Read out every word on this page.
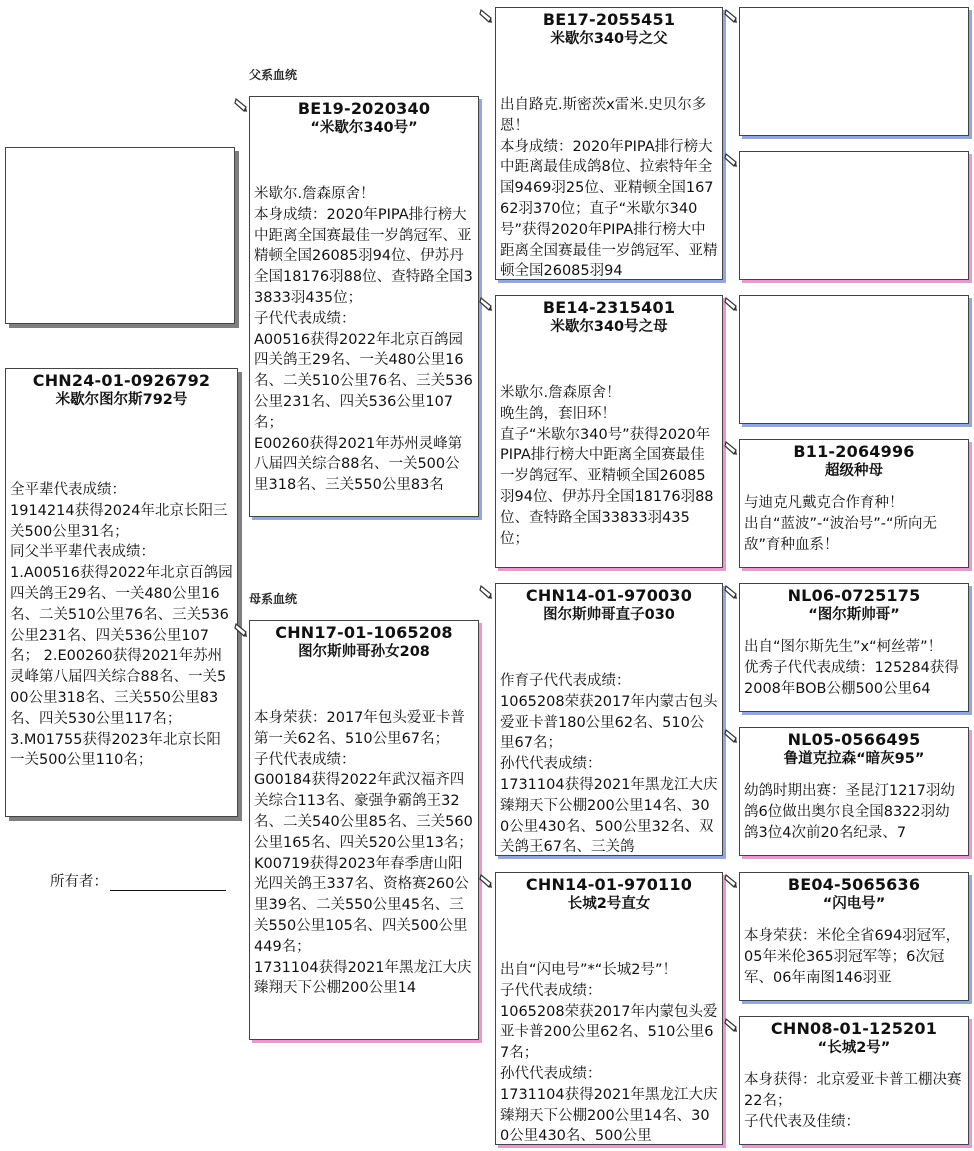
父系血统
母系血统
CHN24-01-0926792
米歇尔图尔斯792号
全平辈代表成绩：
1914214获得2024年北京长阳三关500公里31名；
同父半平辈代表成绩：
1.A00516获得2022年北京百鸽园四关鸽王29名、一关480公里16名、二关510公里76名、三关536公里231名、四关536公里107名； 2.E00260获得2021年苏州灵峰第八届四关综合88名、一关500公里318名、三关550公里83名、四关530公里117名；
3.M01755获得2023年北京长阳一关500公里110名；
所有者：
BE19-2020340
“米歇尔340号”
米歇尔.詹森原舍！
本身成绩：2020年PIPA排行榜大中距离全国赛最佳一岁鸽冠军、亚精顿全国26085羽94位、伊苏丹全国18176羽88位、查特路全国33833羽435位；
子代代表成绩：
A00516获得2022年北京百鸽园四关鸽王29名、一关480公里16名、二关510公里76名、三关536公里231名、四关536公里107名；
E00260获得2021年苏州灵峰第八届四关综合88名、一关500公里318名、三关550公里83名
CHN17-01-1065208
图尔斯帅哥孙女208
本身荣获：2017年包头爱亚卡普第一关62名、510公里67名；
子代代表成绩：
G00184获得2022年武汉福齐四关综合113名、豪强争霸鸽王32名、二关540公里85名、三关560公里165名、四关520公里13名；
K00719获得2023年春季唐山阳光四关鸽王337名、资格赛260公里39名、二关550公里45名、三关550公里105名、四关500公里449名；
1731104获得2021年黑龙江大庆臻翔天下公棚200公里14
BE17-2055451
米歇尔340号之父
出自路克.斯密茨x雷米.史贝尔多恩！
本身成绩：2020年PIPA排行榜大中距离最佳成鸽8位、拉索特年全国9469羽25位、亚精顿全国16762羽370位；直子“米歇尔340号”获得2020年PIPA排行榜大中距离全国赛最佳一岁鸽冠军、亚精顿全国26085羽94
BE14-2315401
米歇尔340号之母
米歇尔.詹森原舍！
晚生鸽，套旧环！
直子“米歇尔340号”获得2020年PIPA排行榜大中距离全国赛最佳一岁鸽冠军、亚精顿全国26085羽94位、伊苏丹全国18176羽88位、查特路全国33833羽435位；
CHN14-01-970030
图尔斯帅哥直子030
作育子代代表成绩：
1065208荣获2017年内蒙古包头爱亚卡普180公里62名、510公里67名；
孙代代表成绩：
1731104获得2021年黑龙江大庆臻翔天下公棚200公里14名、300公里430名、500公里32名、双关鸽王67名、三关鸽
CHN14-01-970110
长城2号直女
出自“闪电号”*“长城2号”！
子代代表成绩：
1065208荣获2017年内蒙包头爱亚卡普200公里62名、510公里67名；
孙代代表成绩：
1731104获得2021年黑龙江大庆臻翔天下公棚200公里14名、300公里430名、500公里
B11-2064996
超级种母
与迪克凡戴克合作育种！
出自“蓝波”-“波治号”-“所向无敌”育种血系！
NL06-0725175
“图尔斯帅哥”
出自“图尔斯先生”x“柯丝蒂”！
优秀子代代表成绩：125284获得2008年BOB公棚500公里64
NL05-0566495
鲁道克拉森“暗灰95”
幼鸽时期出赛：圣昆汀1217羽幼鸽6位做出奥尔良全国8322羽幼鸽3位4次前20名纪录、7
BE04-5065636
“闪电号”
本身荣获：米伦全省694羽冠军，05年米伦365羽冠军等；6次冠军、06年南图146羽亚
CHN08-01-125201
“长城2号”
本身获得：北京爱亚卡普工棚决赛22名；
子代代表及佳绩：
